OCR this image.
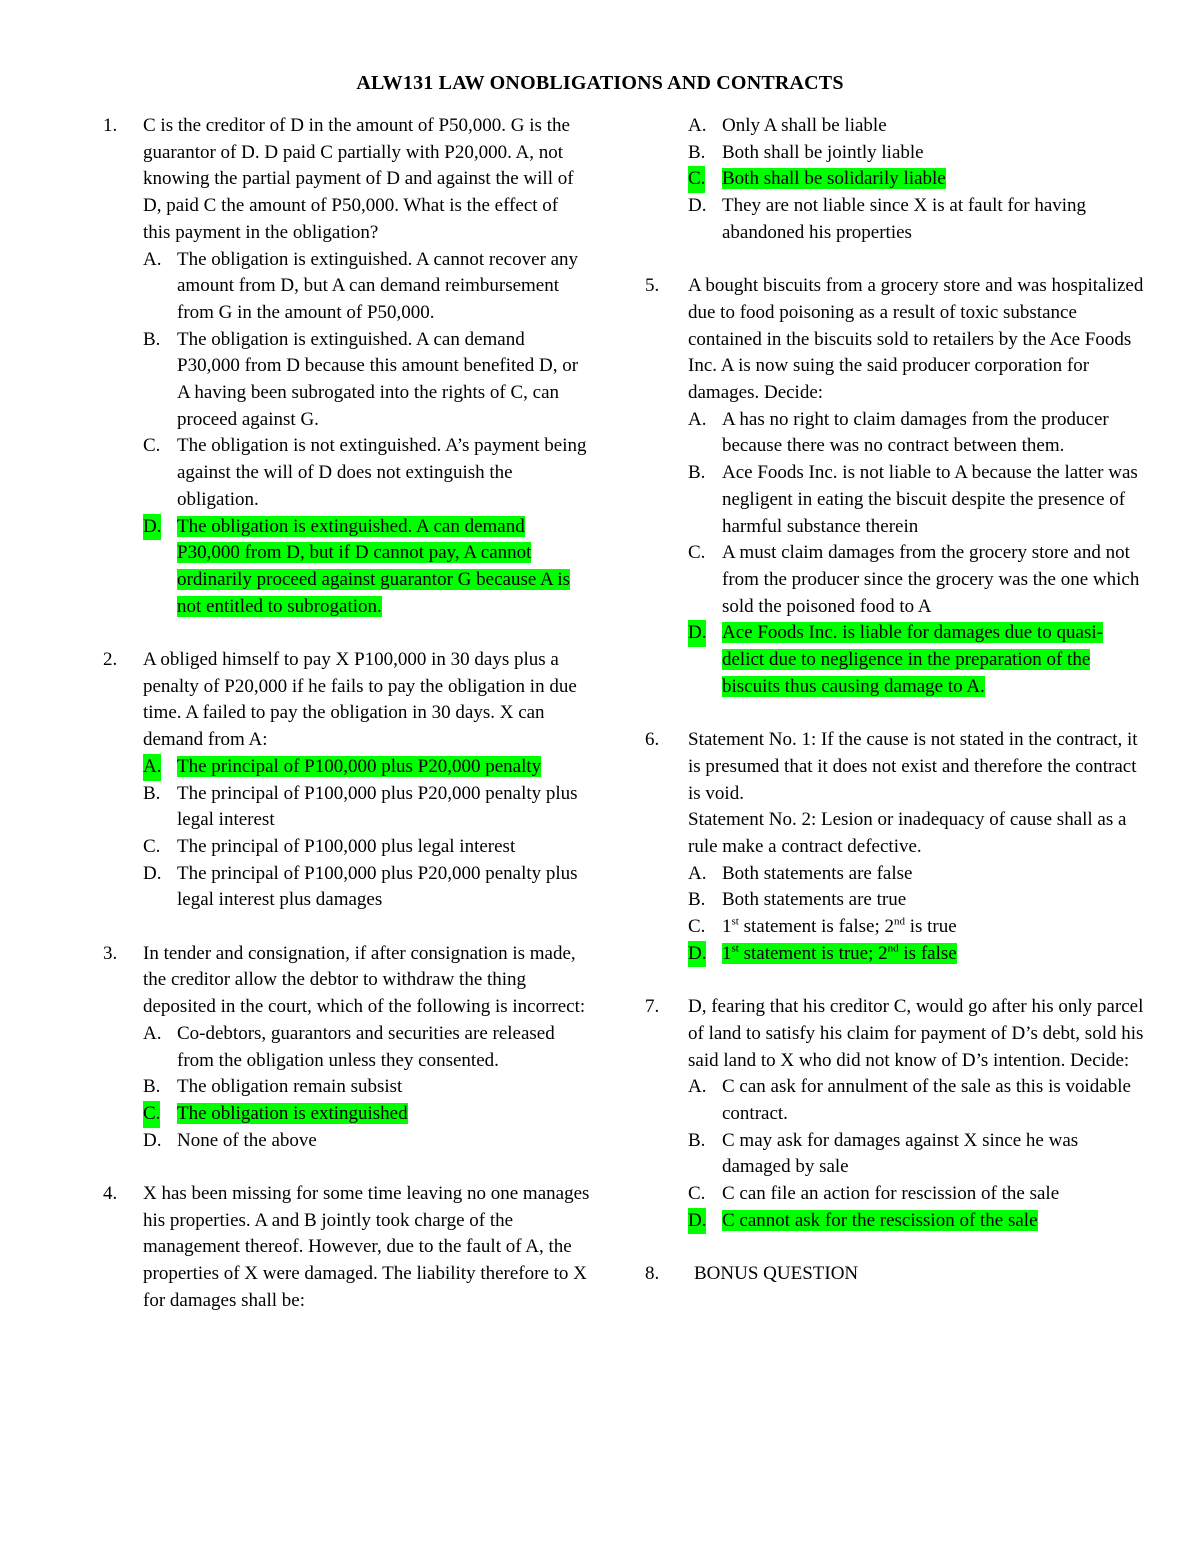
ALW131 LAW ONOBLIGATIONS AND CONTRACTS
1.	C is the creditor of D in the amount of P50,000. G is the guarantor of D. D paid C partially with P20,000. A, not knowing the partial payment of D and against the will of D, paid C the amount of P50,000. What is the effect of this payment in the obligation?
A. The obligation is extinguished. A cannot recover any amount from D, but A can demand reimbursement from G in the amount of P50,000.
B. The obligation is extinguished. A can demand P30,000 from D because this amount benefited D, or A having been subrogated into the rights of C, can proceed against G.
C. The obligation is not extinguished. A’s payment being against the will of D does not extinguish the obligation.
D. The obligation is extinguished. A can demand P30,000 from D, but if D cannot pay, A cannot ordinarily proceed against guarantor G because A is not entitled to subrogation.
2.	A obliged himself to pay X P100,000 in 30 days plus a penalty of P20,000 if he fails to pay the obligation in due time. A failed to pay the obligation in 30 days. X can demand from A:
A. The principal of P100,000 plus P20,000 penalty
B. The principal of P100,000 plus P20,000 penalty plus legal interest
C. The principal of P100,000 plus legal interest
D. The principal of P100,000 plus P20,000 penalty plus legal interest plus damages
3.	In tender and consignation, if after consignation is made, the creditor allow the debtor to withdraw the thing deposited in the court, which of the following is incorrect:
A. Co-debtors, guarantors and securities are released from the obligation unless they consented.
B. The obligation remain subsist
C. The obligation is extinguished
D. None of the above
4.	X has been missing for some time leaving no one manages his properties. A and B jointly took charge of the management thereof. However, due to the fault of A, the properties of X were damaged. The liability therefore to X for damages shall be:
A. Only A shall be liable
B. Both shall be jointly liable
C. Both shall be solidarily liable
D. They are not liable since X is at fault for having abandoned his properties
5.	A bought biscuits from a grocery store and was hospitalized due to food poisoning as a result of toxic substance contained in the biscuits sold to retailers by the Ace Foods Inc. A is now suing the said producer corporation for damages. Decide:
A. A has no right to claim damages from the producer because there was no contract between them.
B. Ace Foods Inc. is not liable to A because the latter was negligent in eating the biscuit despite the presence of harmful substance therein
C. A must claim damages from the grocery store and not from the producer since the grocery was the one which sold the poisoned food to A
D. Ace Foods Inc. is liable for damages due to quasi-delict due to negligence in the preparation of the biscuits thus causing damage to A.
6.	Statement No. 1: If the cause is not stated in the contract, it is presumed that it does not exist and therefore the contract is void.
Statement No. 2: Lesion or inadequacy of cause shall as a rule make a contract defective.
A. Both statements are false
B. Both statements are true
C. 1st statement is false; 2nd is true
D. 1st statement is true; 2nd is false
7.	D, fearing that his creditor C, would go after his only parcel of land to satisfy his claim for payment of D’s debt, sold his said land to X who did not know of D’s intention. Decide:
A. C can ask for annulment of the sale as this is voidable contract.
B. C may ask for damages against X since he was damaged by sale
C. C can file an action for rescission of the sale
D. C cannot ask for the rescission of the sale
8.	BONUS QUESTION
